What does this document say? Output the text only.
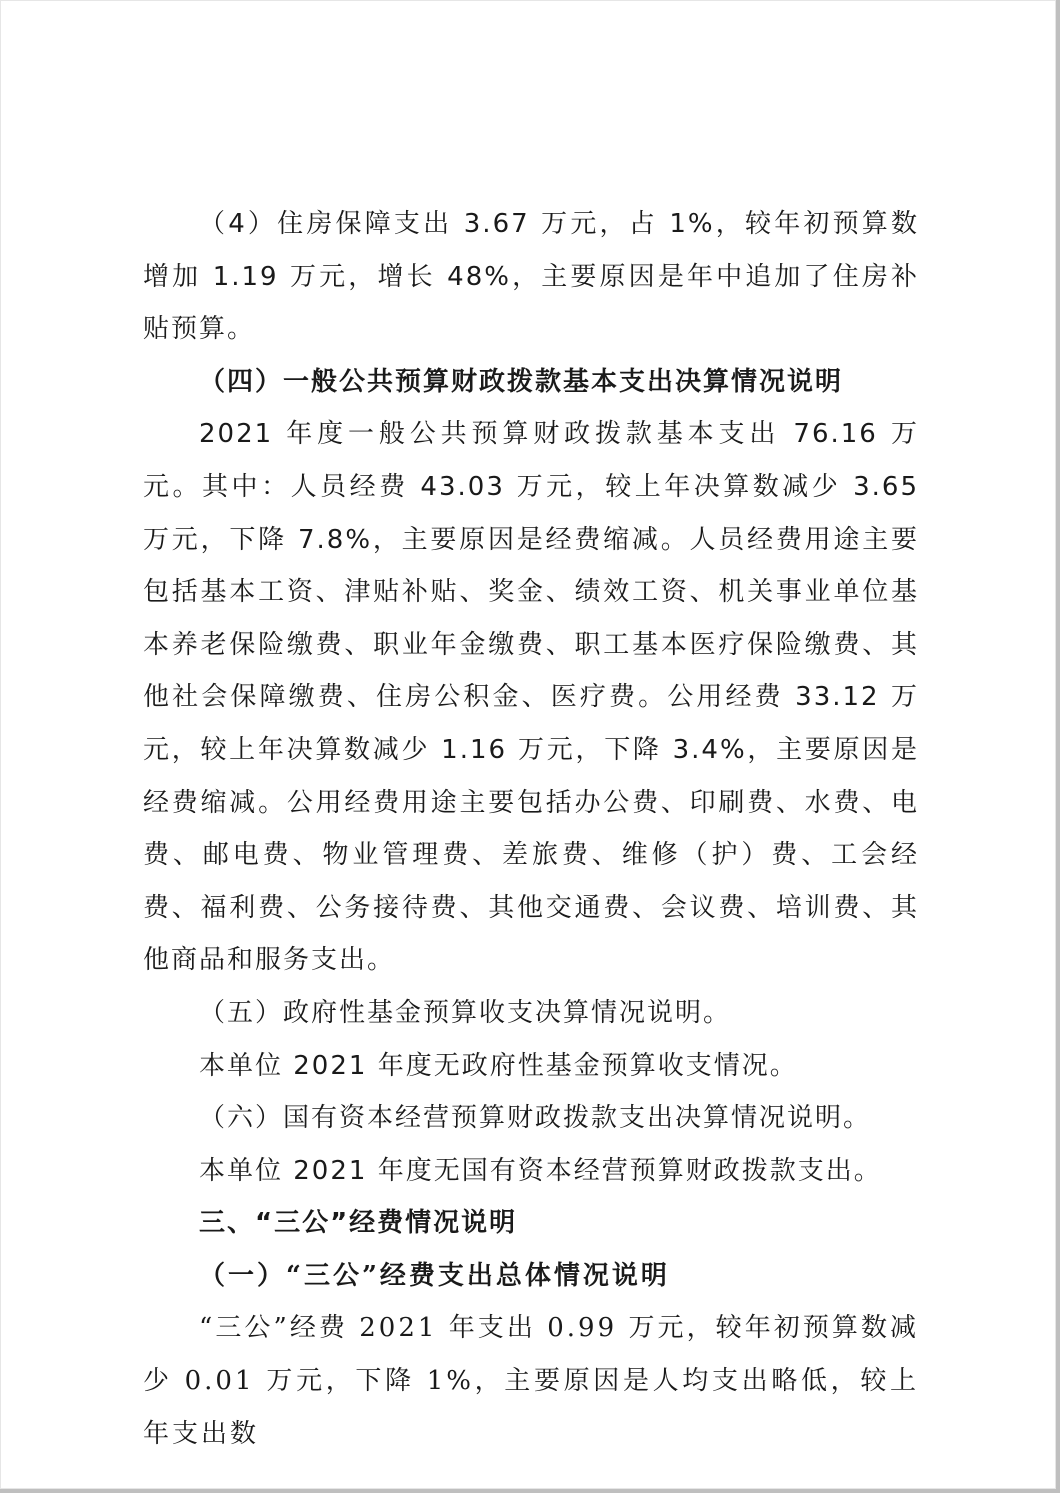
（4）住房保障支出 3.67 万元，占 1%，较年初预算数增加 1.19 万元，增长 48%，主要原因是年中追加了住房补贴预算。

（四）一般公共预算财政拨款基本支出决算情况说明

2021 年度一般公共预算财政拨款基本支出 76.16 万元。其中：人员经费 43.03 万元，较上年决算数减少 3.65 万元，下降 7.8%，主要原因是经费缩减。人员经费用途主要包括基本工资、津贴补贴、奖金、绩效工资、机关事业单位基本养老保险缴费、职业年金缴费、职工基本医疗保险缴费、其他社会保障缴费、住房公积金、医疗费。公用经费 33.12 万元，较上年决算数减少 1.16 万元，下降 3.4%，主要原因是经费缩减。公用经费用途主要包括办公费、印刷费、水费、电费、邮电费、物业管理费、差旅费、维修（护）费、工会经费、福利费、公务接待费、其他交通费、会议费、培训费、其他商品和服务支出。

（五）政府性基金预算收支决算情况说明。

本单位 2021 年度无政府性基金预算收支情况。

（六）国有资本经营预算财政拨款支出决算情况说明。

本单位 2021 年度无国有资本经营预算财政拨款支出。

三、“三公”经费情况说明

（一）“三公”经费支出总体情况说明

“三公”经费 2021 年支出 0.99 万元，较年初预算数减少 0.01 万元，下降 1%，主要原因是人均支出略低，较上年支出数
